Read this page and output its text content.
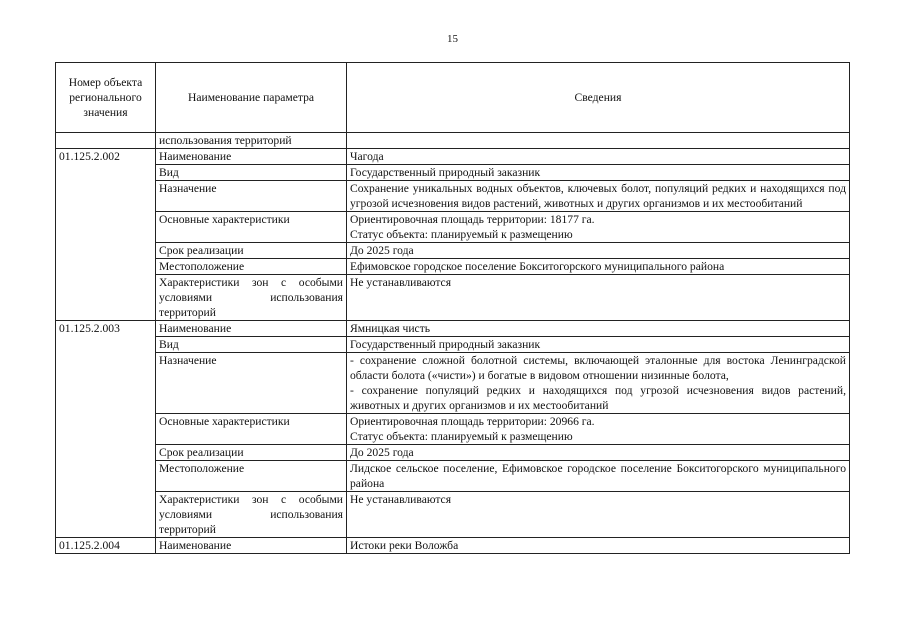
15
Номер объекта регионального значения	Наименование параметра	Сведения
	использования территорий	
01.125.2.002	Наименование	Чагода
	Вид	Государственный природный заказник
	Назначение	Сохранение уникальных водных объектов, ключевых болот, популяций редких и находящихся под угрозой исчезновения видов растений, животных и других организмов и их местообитаний
	Основные характеристики	Ориентировочная площадь территории: 18177 га.
Статус объекта: планируемый к размещению

	Срок реализации	До 2025 года
	Местоположение	Ефимовское городское поселение Бокситогорского муниципального района
	Характеристики зон с особыми условиями использования территорий	Не устанавливаются
01.125.2.003	Наименование	Ямницкая чисть
	Вид	Государственный природный заказник
	Назначение	- сохранение сложной болотной системы, включающей эталонные для востока Ленинградской области болота («чисти») и богатые в видовом отношении низинные болота,
- сохранение популяций редких и находящихся под угрозой исчезновения видов растений, животных и других организмов и их местообитаний

	Основные характеристики	Ориентировочная площадь территории: 20966 га.
Статус объекта: планируемый к размещению

	Срок реализации	До 2025 года
	Местоположение	Лидское сельское поселение, Ефимовское городское поселение Бокситогорского муниципального района
	Характеристики зон с особыми условиями использования территорий	Не устанавливаются
01.125.2.004	Наименование	Истоки реки Воложба
